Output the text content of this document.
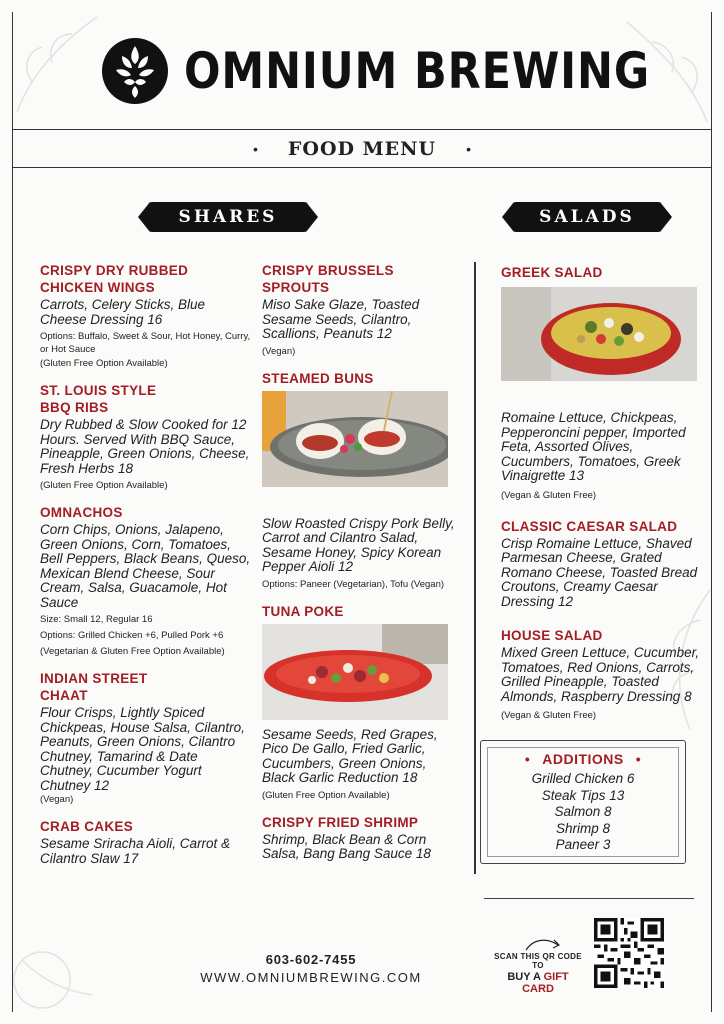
OMNIUM BREWING
• FOOD MENU •
SHARES	SALADS
CRISPY DRY RUBBED
CHICKEN WINGS
Carrots, Celery Sticks, Blue Cheese Dressing 16
Options: Buffalo, Sweet & Sour, Hot Honey, Curry, or Hot Sauce
(Gluten Free Option Available)
ST. LOUIS STYLE
BBQ RIBS
Dry Rubbed & Slow Cooked for 12 Hours. Served With BBQ Sauce, Pineapple, Green Onions, Cheese, Fresh Herbs 18
(Gluten Free Option Available)
OMNACHOS
Corn Chips, Onions, Jalapeno, Green Onions, Corn, Tomatoes, Bell Peppers, Black Beans, Queso, Mexican Blend Cheese, Sour Cream, Salsa, Guacamole, Hot Sauce
Size: Small 12, Regular 16
Options: Grilled Chicken +6, Pulled Pork +6
(Vegetarian & Gluten Free Option Available)
INDIAN STREET
CHAAT
Flour Crisps, Lightly Spiced Chickpeas, House Salsa, Cilantro, Peanuts, Green Onions, Cilantro Chutney, Tamarind & Date Chutney, Cucumber Yogurt Chutney 12
(Vegan)
CRAB CAKES
Sesame Sriracha Aioli, Carrot & Cilantro Slaw 17
CRISPY BRUSSELS
SPROUTS
Miso Sake Glaze, Toasted Sesame Seeds, Cilantro, Scallions, Peanuts 12
(Vegan)
STEAMED BUNS
Slow Roasted Crispy Pork Belly, Carrot and Cilantro Salad, Sesame Honey, Spicy Korean Pepper Aioli 12
Options: Paneer (Vegetarian), Tofu (Vegan)
TUNA POKE
Sesame Seeds, Red Grapes, Pico De Gallo, Fried Garlic, Cucumbers, Green Onions, Black Garlic Reduction 18
(Gluten Free Option Available)
CRISPY FRIED SHRIMP
Shrimp, Black Bean & Corn Salsa, Bang Bang Sauce 18
GREEK SALAD
Romaine Lettuce, Chickpeas, Pepperoncini pepper, Imported Feta, Assorted Olives, Cucumbers, Tomatoes, Greek Vinaigrette 13
(Vegan & Gluten Free)
CLASSIC CAESAR SALAD
Crisp Romaine Lettuce, Shaved Parmesan Cheese, Grated Romano Cheese, Toasted Bread Croutons, Creamy Caesar Dressing 12
HOUSE SALAD
Mixed Green Lettuce, Cucumber, Tomatoes, Red Onions, Carrots, Grilled Pineapple, Toasted Almonds, Raspberry Dressing 8
(Vegan & Gluten Free)
• ADDITIONS •
Grilled Chicken 6
Steak Tips 13
Salmon 8
Shrimp 8
Paneer 3
603-602-7455
WWW.OMNIUMBREWING.COM
SCAN THIS QR CODE TO
BUY A GIFT CARD
